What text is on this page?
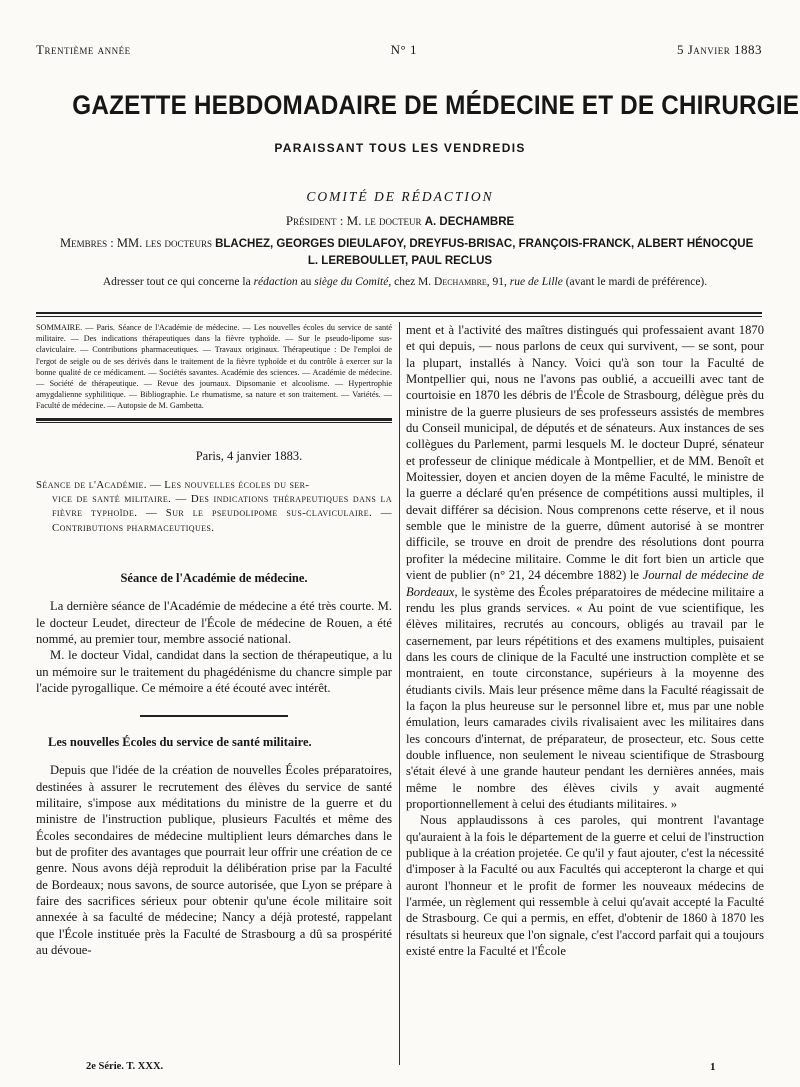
Trentième année	N° 1	5 Janvier 1883
GAZETTE HEBDOMADAIRE DE MÉDECINE ET DE CHIRURGIE
PARAISSANT TOUS LES VENDREDIS
COMITÉ DE RÉDACTION
Président : M. le docteur A. DECHAMBRE
Membres : MM. les docteurs BLACHEZ, GEORGES DIEULAFOY, DREYFUS-BRISAC, FRANÇOIS-FRANCK, ALBERT HÉNOCQUE
L. LEREBOULLET, PAUL RECLUS
Adresser tout ce qui concerne la rédaction au siège du Comité, chez M. Dechambre, 91, rue de Lille (avant le mardi de préférence).

SOMMAIRE. — Paris. Séance de l'Académie de médecine. — Les nouvelles écoles du service de santé militaire. — Des indications thérapeutiques dans la fièvre typhoïde. — Sur le pseudo-lipome sus-claviculaire. — Contributions pharmaceutiques. — Travaux originaux. Thérapeutique : De l'emploi de l'ergot de seigle ou de ses dérivés dans le traitement de la fièvre typhoïde et du contrôle à exercer sur la bonne qualité de ce médicament. — Sociétés savantes. Académie des sciences. — Académie de médecine. — Société de thérapeutique. — Revue des journaux. Dipsomanie et alcoolisme. — Hypertrophie amygdalienne syphilitique. — Bibliographie. Le rhumatisme, sa nature et son traitement. — Variétés. — Faculté de médecine. — Autopsie de M. Gambetta.

Paris, 4 janvier 1883.
Séance de l'Académie. — Les nouvelles écoles du ser-
vice de santé militaire. — Des indications thérapeutiques dans la fièvre typhoïde. — Sur le pseudolipome sus-claviculaire. — Contributions pharmaceutiques.

Séance de l'Académie de médecine.

La dernière séance de l'Académie de médecine a été très courte. M. le docteur Leudet, directeur de l'École de médecine de Rouen, a été nommé, au premier tour, membre associé national.

M. le docteur Vidal, candidat dans la section de thérapeutique, a lu un mémoire sur le traitement du phagédénisme du chancre simple par l'acide pyrogallique. Ce mémoire a été écouté avec intérêt.

Les nouvelles Écoles du service de santé militaire.

Depuis que l'idée de la création de nouvelles Écoles préparatoires, destinées à assurer le recrutement des élèves du service de santé militaire, s'impose aux méditations du ministre de la guerre et du ministre de l'instruction publique, plusieurs Facultés et même des Écoles secondaires de médecine multiplient leurs démarches dans le but de profiter des avantages que pourrait leur offrir une création de ce genre. Nous avons déjà reproduit la délibération prise par la Faculté de Bordeaux; nous savons, de source autorisée, que Lyon se prépare à faire des sacrifices sérieux pour obtenir qu'une école militaire soit annexée à sa faculté de médecine; Nancy a déjà protesté, rappelant que l'École instituée près la Faculté de Strasbourg a dû sa prospérité au dévoue-

ment et à l'activité des maîtres distingués qui professaient avant 1870 et qui depuis, — nous parlons de ceux qui survivent, — se sont, pour la plupart, installés à Nancy. Voici qu'à son tour la Faculté de Montpellier qui, nous ne l'avons pas oublié, a accueilli avec tant de courtoisie en 1870 les débris de l'École de Strasbourg, délègue près du ministre de la guerre plusieurs de ses professeurs assistés de membres du Conseil municipal, de députés et de sénateurs. Aux instances de ses collègues du Parlement, parmi lesquels M. le docteur Dupré, sénateur et professeur de clinique médicale à Montpellier, et de MM. Benoît et Moitessier, doyen et ancien doyen de la même Faculté, le ministre de la guerre a déclaré qu'en présence de compétitions aussi multiples, il devait différer sa décision. Nous comprenons cette réserve, et il nous semble que le ministre de la guerre, dûment autorisé à se montrer difficile, se trouve en droit de prendre des résolutions dont pourra profiter la médecine militaire. Comme le dit fort bien un article que vient de publier (n° 21, 24 décembre 1882) le Journal de médecine de Bordeaux, le système des Écoles préparatoires de médecine militaire a rendu les plus grands services. « Au point de vue scientifique, les élèves militaires, recrutés au concours, obligés au travail par le casernement, par leurs répétitions et des examens multiples, puisaient dans les cours de clinique de la Faculté une instruction complète et se montraient, en toute circonstance, supérieurs à la moyenne des étudiants civils. Mais leur présence même dans la Faculté réagissait de la façon la plus heureuse sur le personnel libre et, mus par une noble émulation, leurs camarades civils rivalisaient avec les militaires dans les concours d'internat, de préparateur, de prosecteur, etc. Sous cette double influence, non seulement le niveau scientifique de Strasbourg s'était élevé à une grande hauteur pendant les dernières années, mais même le nombre des élèves civils y avait augmenté proportionnellement à celui des étudiants militaires. »

Nous applaudissons à ces paroles, qui montrent l'avantage qu'auraient à la fois le département de la guerre et celui de l'instruction publique à la création projetée. Ce qu'il y faut ajouter, c'est la nécessité d'imposer à la Faculté ou aux Facultés qui accepteront la charge et qui auront l'honneur et le profit de former les nouveaux médecins de l'armée, un règlement qui ressemble à celui qu'avait accepté la Faculté de Strasbourg. Ce qui a permis, en effet, d'obtenir de 1860 à 1870 les résultats si heureux que l'on signale, c'est l'accord parfait qui a toujours existé entre la Faculté et l'École

2e Série. T. XXX.	1
